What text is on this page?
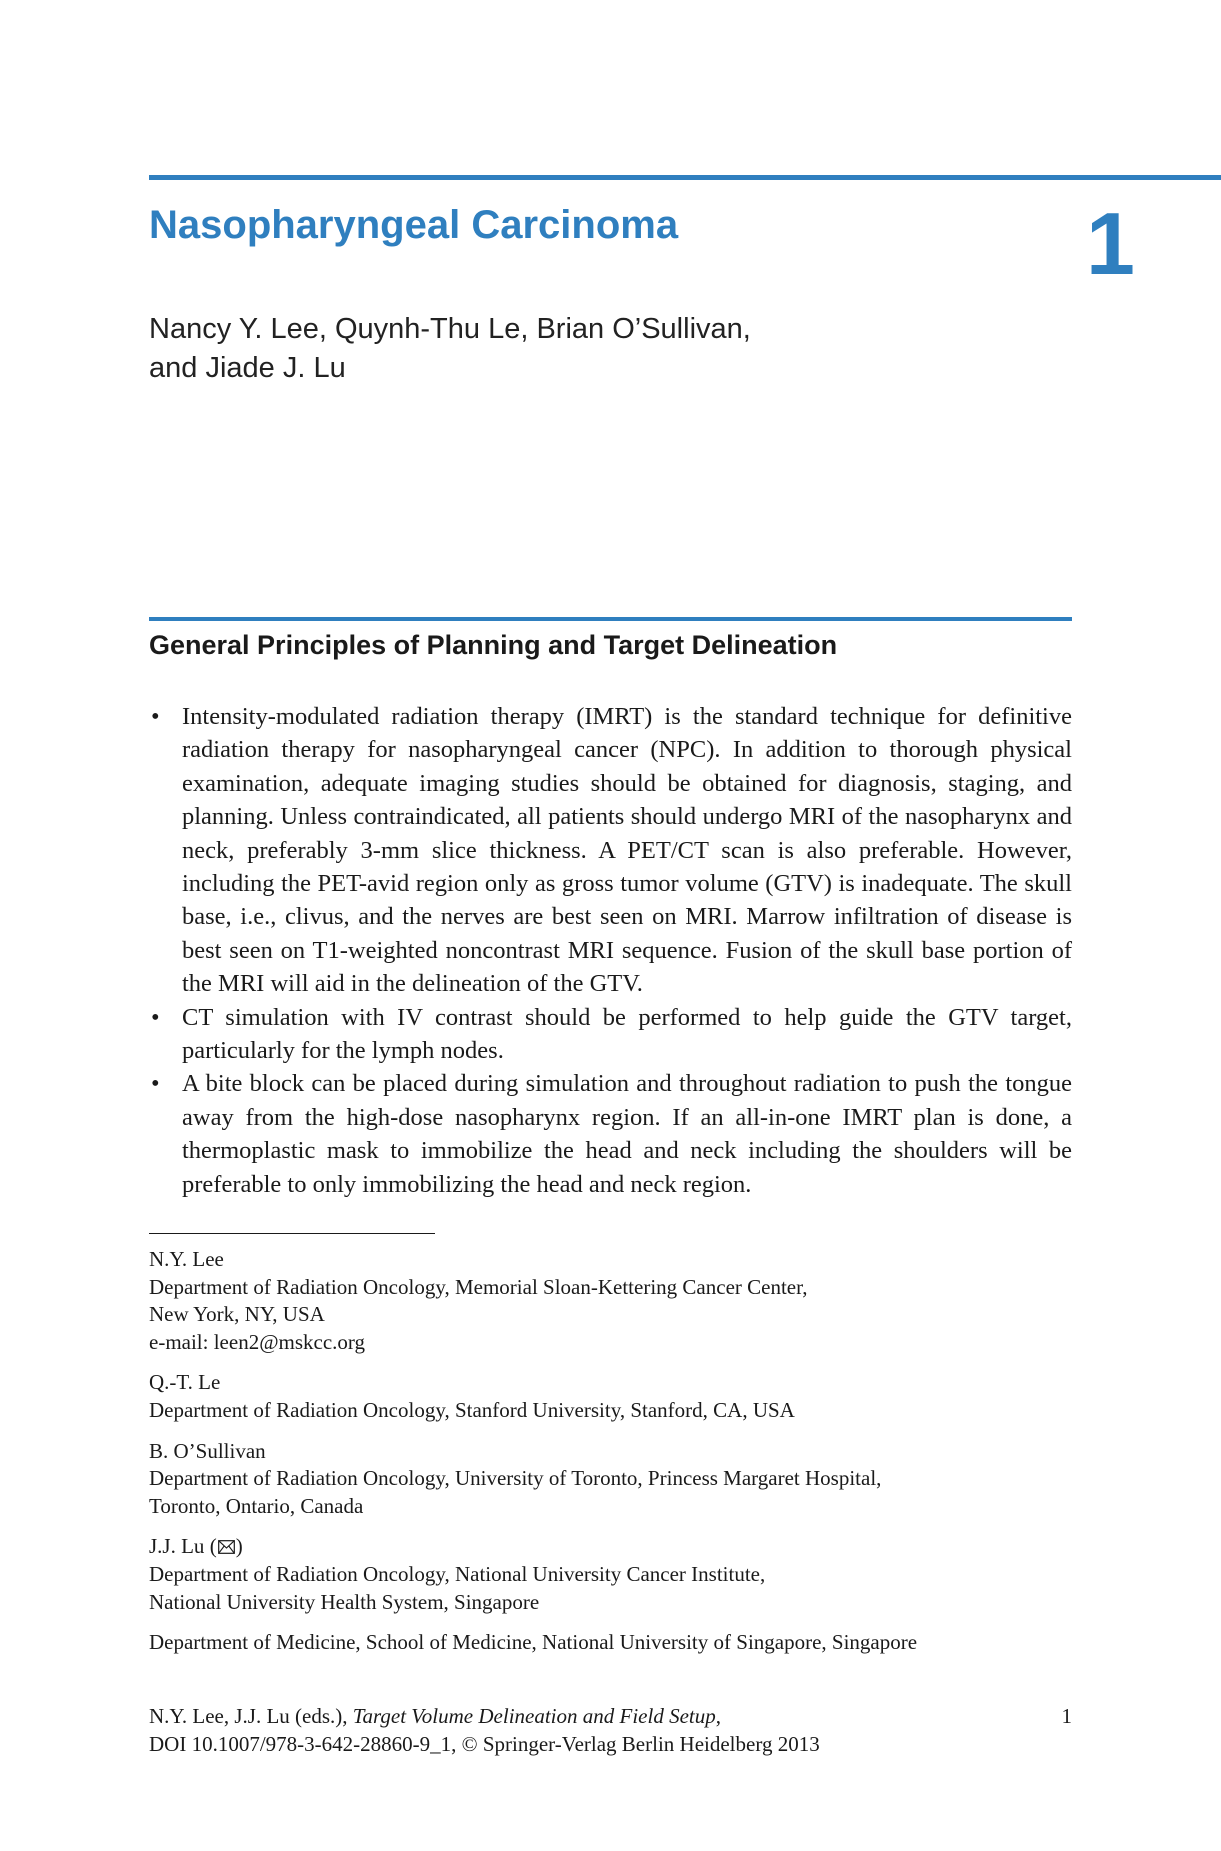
Nasopharyngeal Carcinoma	1
Nancy Y. Lee, Quynh-Thu Le, Brian O’Sullivan,
and Jiade J. Lu
General Principles of Planning and Target Delineation
• Intensity-modulated radiation therapy (IMRT) is the standard technique for definitive radiation therapy for nasopharyngeal cancer (NPC). In addition to thorough physical examination, adequate imaging studies should be obtained for diagnosis, staging, and planning. Unless contraindicated, all patients should undergo MRI of the nasopharynx and neck, preferably 3-mm slice thickness. A PET/CT scan is also preferable. However, including the PET-avid region only as gross tumor volume (GTV) is inadequate. The skull base, i.e., clivus, and the nerves are best seen on MRI. Marrow infiltration of disease is best seen on T1-weighted noncontrast MRI sequence. Fusion of the skull base portion of the MRI will aid in the delineation of the GTV.
• CT simulation with IV contrast should be performed to help guide the GTV target, particularly for the lymph nodes.
• A bite block can be placed during simulation and throughout radiation to push the tongue away from the high-dose nasopharynx region. If an all-in-one IMRT plan is done, a thermoplastic mask to immobilize the head and neck including the shoulders will be preferable to only immobilizing the head and neck region.
N.Y. Lee
Department of Radiation Oncology, Memorial Sloan-Kettering Cancer Center,
New York, NY, USA
e-mail: leen2@mskcc.org
Q.-T. Le
Department of Radiation Oncology, Stanford University, Stanford, CA, USA
B. O’Sullivan
Department of Radiation Oncology, University of Toronto, Princess Margaret Hospital,
Toronto, Ontario, Canada
J.J. Lu ( )
Department of Radiation Oncology, National University Cancer Institute,
National University Health System, Singapore
Department of Medicine, School of Medicine, National University of Singapore, Singapore
N.Y. Lee, J.J. Lu (eds.), Target Volume Delineation and Field Setup,
DOI 10.1007/978-3-642-28860-9_1, © Springer-Verlag Berlin Heidelberg 2013
1
